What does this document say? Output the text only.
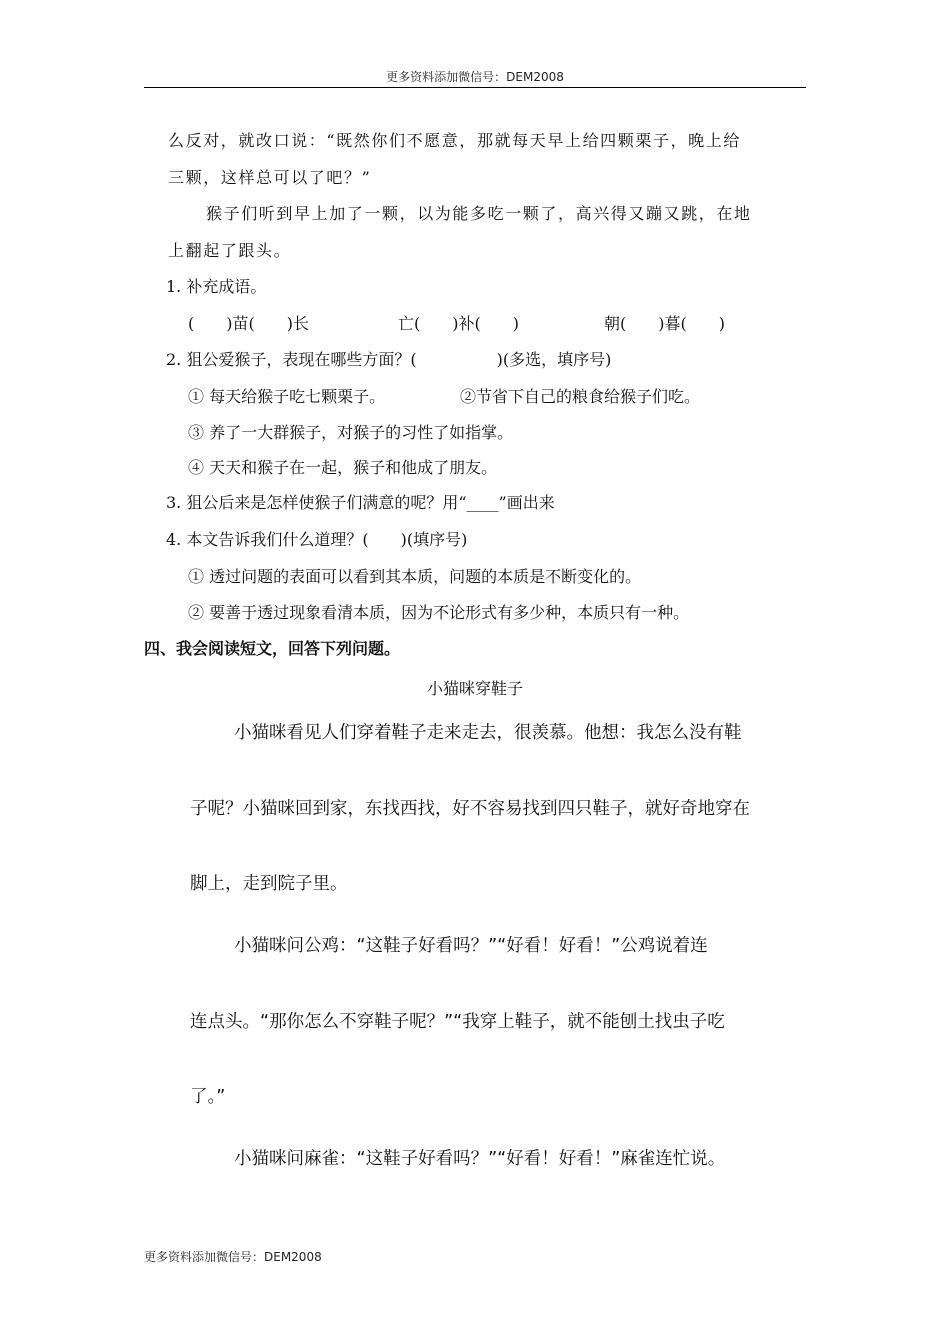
更多资料添加微信号：DEM2008
么反对，就改口说：“既然你们不愿意，那就每天早上给四颗栗子，晚上给
三颗，这样总可以了吧？”
猴子们听到早上加了一颗，以为能多吃一颗了，高兴得又蹦又跳，在地
上翻起了跟头。
1. 补充成语。
(　　)苗(　　)长	亡(　　)补(　　)	朝(　　)暮(　　)
2. 狙公爱猴子，表现在哪些方面？(　　　　　)(多选，填序号)
① 每天给猴子吃七颗栗子。	②节省下自己的粮食给猴子们吃。
③ 养了一大群猴子，对猴子的习性了如指掌。
④ 天天和猴子在一起，猴子和他成了朋友。
3. 狙公后来是怎样使猴子们满意的呢？用“____”画出来
4. 本文告诉我们什么道理？(　　)(填序号)
① 透过问题的表面可以看到其本质，问题的本质是不断变化的。
② 要善于透过现象看清本质，因为不论形式有多少种，本质只有一种。
四、我会阅读短文，回答下列问题。
小猫咪穿鞋子
小猫咪看见人们穿着鞋子走来走去，很羡慕。他想：我怎么没有鞋
子呢？小猫咪回到家，东找西找，好不容易找到四只鞋子，就好奇地穿在
脚上，走到院子里。
小猫咪问公鸡：“这鞋子好看吗？”“好看！好看！”公鸡说着连
连点头。“那你怎么不穿鞋子呢？”“我穿上鞋子，就不能刨土找虫子吃
了。”
小猫咪问麻雀：“这鞋子好看吗？”“好看！好看！”麻雀连忙说。
更多资料添加微信号：DEM2008
